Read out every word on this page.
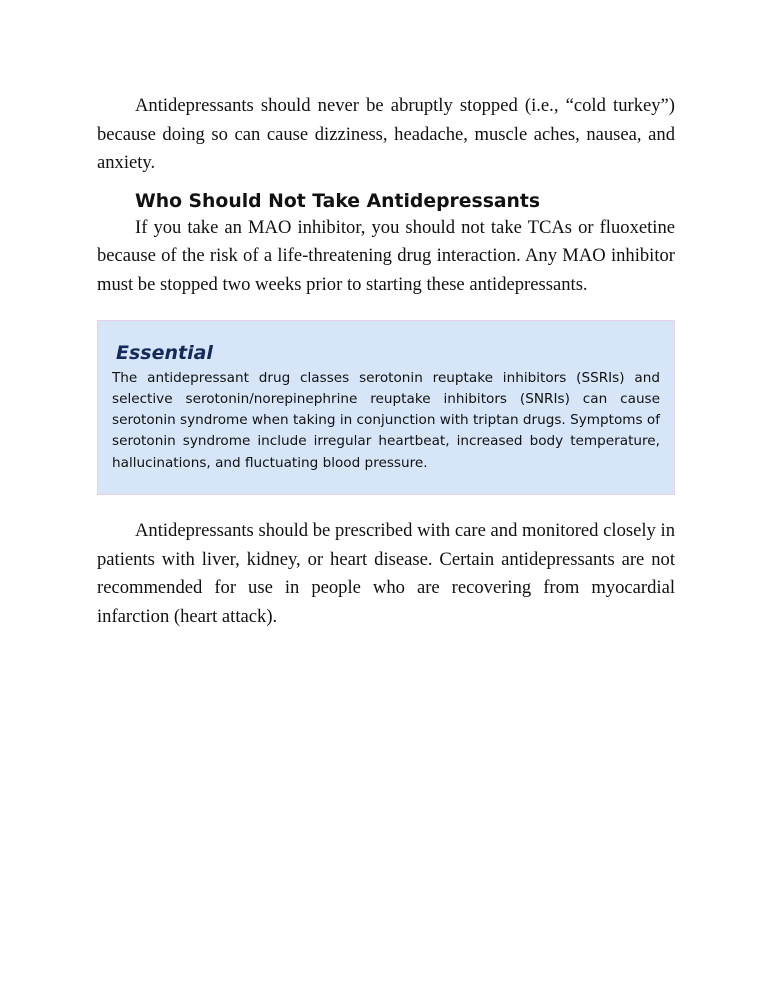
Antidepressants should never be abruptly stopped (i.e., “cold turkey”) because doing so can cause dizziness, headache, muscle aches, nausea, and anxiety.

Who Should Not Take Antidepressants

If you take an MAO inhibitor, you should not take TCAs or fluoxetine because of the risk of a life-threatening drug interaction. Any MAO inhibitor must be stopped two weeks prior to starting these antidepressants.

Essential

The antidepressant drug classes serotonin reuptake inhibitors (SSRIs) and selective serotonin/norepinephrine reuptake inhibitors (SNRIs) can cause serotonin syndrome when taking in conjunction with triptan drugs. Symptoms of serotonin syndrome include irregular heartbeat, increased body temperature, hallucinations, and fluctuating blood pressure.

Antidepressants should be prescribed with care and monitored closely in patients with liver, kidney, or heart disease. Certain antidepressants are not recommended for use in people who are recovering from myocardial infarction (heart attack).
